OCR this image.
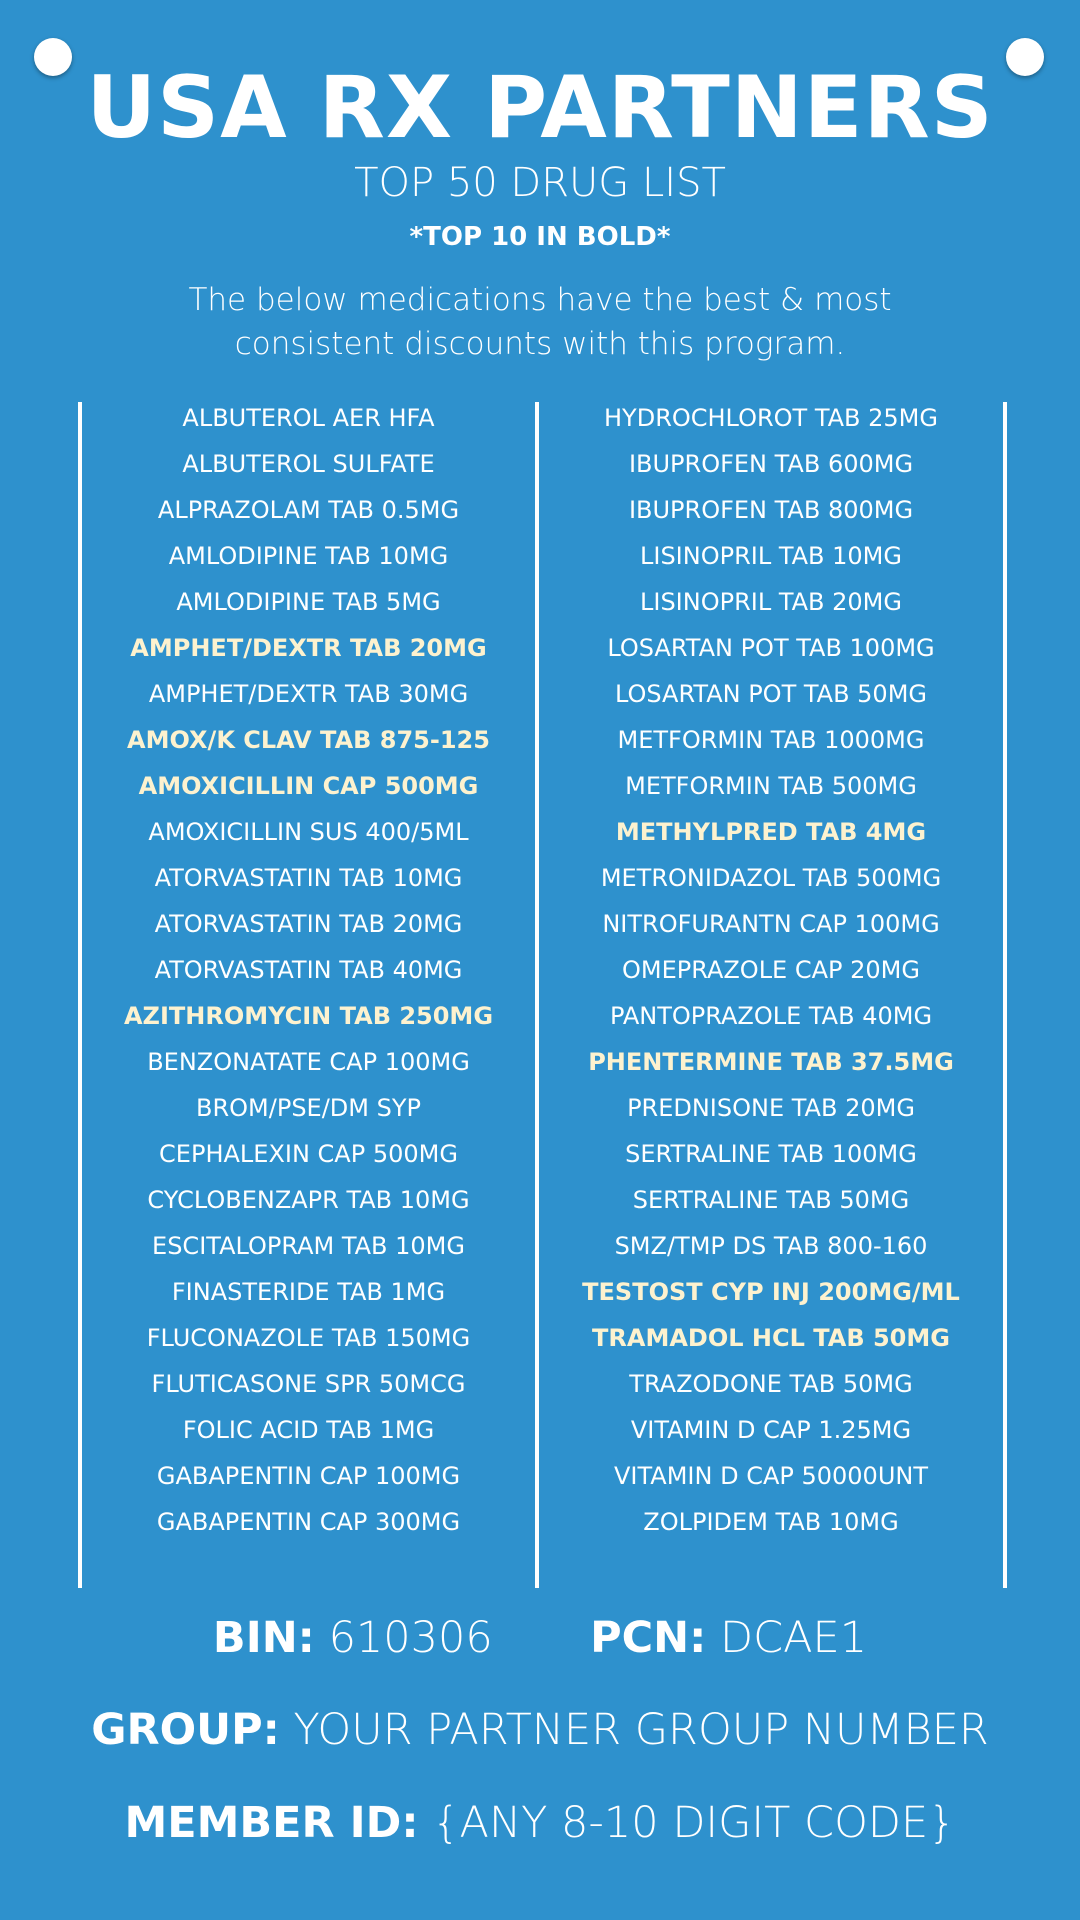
USA RX PARTNERS
TOP 50 DRUG LIST
*TOP 10 IN BOLD*
The below medications have the best & most consistent discounts with this program.
ALBUTEROL AER HFA
ALBUTEROL SULFATE
ALPRAZOLAM TAB 0.5MG
AMLODIPINE TAB 10MG
AMLODIPINE TAB 5MG
AMPHET/DEXTR TAB 20MG
AMPHET/DEXTR TAB 30MG
AMOX/K CLAV TAB 875-125
AMOXICILLIN CAP 500MG
AMOXICILLIN SUS 400/5ML
ATORVASTATIN TAB 10MG
ATORVASTATIN TAB 20MG
ATORVASTATIN TAB 40MG
AZITHROMYCIN TAB 250MG
BENZONATATE CAP 100MG
BROM/PSE/DM SYP
CEPHALEXIN CAP 500MG
CYCLOBENZAPR TAB 10MG
ESCITALOPRAM TAB 10MG
FINASTERIDE TAB 1MG
FLUCONAZOLE TAB 150MG
FLUTICASONE SPR 50MCG
FOLIC ACID TAB 1MG
GABAPENTIN CAP 100MG
GABAPENTIN CAP 300MG
HYDROCHLOROT TAB 25MG
IBUPROFEN TAB 600MG
IBUPROFEN TAB 800MG
LISINOPRIL TAB 10MG
LISINOPRIL TAB 20MG
LOSARTAN POT TAB 100MG
LOSARTAN POT TAB 50MG
METFORMIN TAB 1000MG
METFORMIN TAB 500MG
METHYLPRED TAB 4MG
METRONIDAZOL TAB 500MG
NITROFURANTN CAP 100MG
OMEPRAZOLE CAP 20MG
PANTOPRAZOLE TAB 40MG
PHENTERMINE TAB 37.5MG
PREDNISONE TAB 20MG
SERTRALINE TAB 100MG
SERTRALINE TAB 50MG
SMZ/TMP DS TAB 800-160
TESTOST CYP INJ 200MG/ML
TRAMADOL HCL TAB 50MG
TRAZODONE TAB 50MG
VITAMIN D CAP 1.25MG
VITAMIN D CAP 50000UNT
ZOLPIDEM TAB 10MG
BIN: 610306 PCN: DCAE1
GROUP: YOUR PARTNER GROUP NUMBER
MEMBER ID: {ANY 8-10 DIGIT CODE}
